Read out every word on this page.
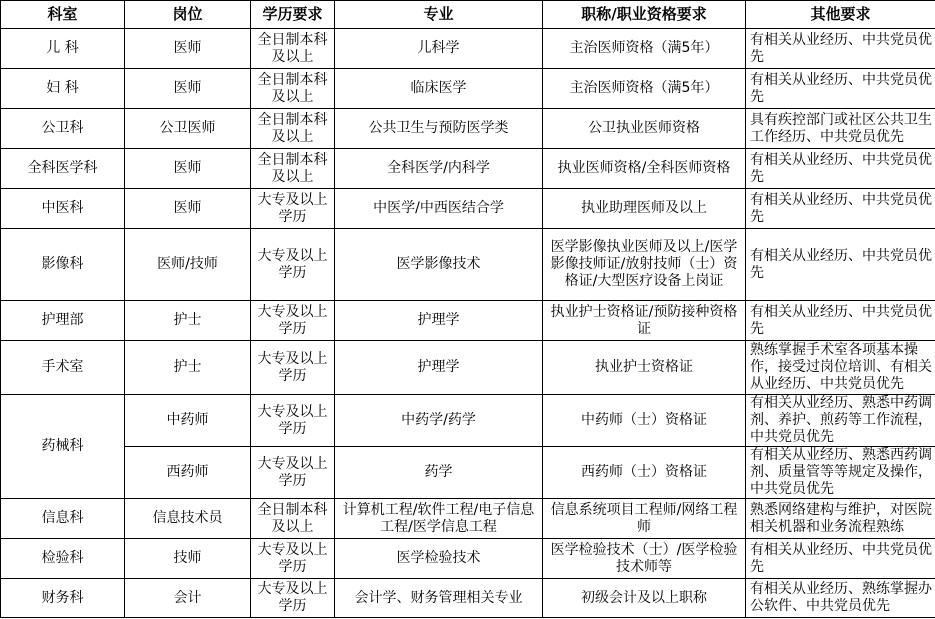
科室	岗位	学历要求	专业	职称/职业资格要求	其他要求
儿 科	医师	全日制本科及以上	儿科学	主治医师资格（满5年）	有相关从业经历、中共党员优先
妇 科	医师	全日制本科及以上	临床医学	主治医师资格（满5年）	有相关从业经历、中共党员优先
公卫科	公卫医师	全日制本科及以上	公共卫生与预防医学类	公卫执业医师资格	具有疾控部门或社区公共卫生工作经历、中共党员优先
全科医学科	医师	全日制本科及以上	全科医学/内科学	执业医师资格/全科医师资格	有相关从业经历、中共党员优先
中医科	医师	大专及以上学历	中医学/中西医结合学	执业助理医师及以上	有相关从业经历、中共党员优先
影像科	医师/技师	大专及以上学历	医学影像技术	医学影像执业医师及以上/医学影像技师证/放射技师（士）资格证/大型医疗设备上岗证	有相关从业经历、中共党员优先
护理部	护士	大专及以上学历	护理学	执业护士资格证/预防接种资格证	有相关从业经历、中共党员优先
手术室	护士	大专及以上学历	护理学	执业护士资格证	熟练掌握手术室各项基本操作，接受过岗位培训、有相关从业经历、中共党员优先
药械科	中药师	大专及以上学历	中药学/药学	中药师（士）资格证	有相关从业经历、熟悉中药调剂、养护、煎药等工作流程，中共党员优先
	西药师	大专及以上学历	药学	西药师（士）资格证	有相关从业经历、熟悉西药调剂、质量管等等规定及操作，中共党员优先
信息科	信息技术员	全日制本科及以上	计算机工程/软件工程/电子信息工程/医学信息工程	信息系统项目工程师/网络工程师	熟悉网络建构与维护，对医院相关机器和业务流程熟练
检验科	技师	大专及以上学历	医学检验技术	医学检验技术（士）/医学检验技术师等	有相关从业经历、中共党员优先
财务科	会计	大专及以上学历	会计学、财务管理相关专业	初级会计及以上职称	有相关从业经历、熟练掌握办公软件、中共党员优先
